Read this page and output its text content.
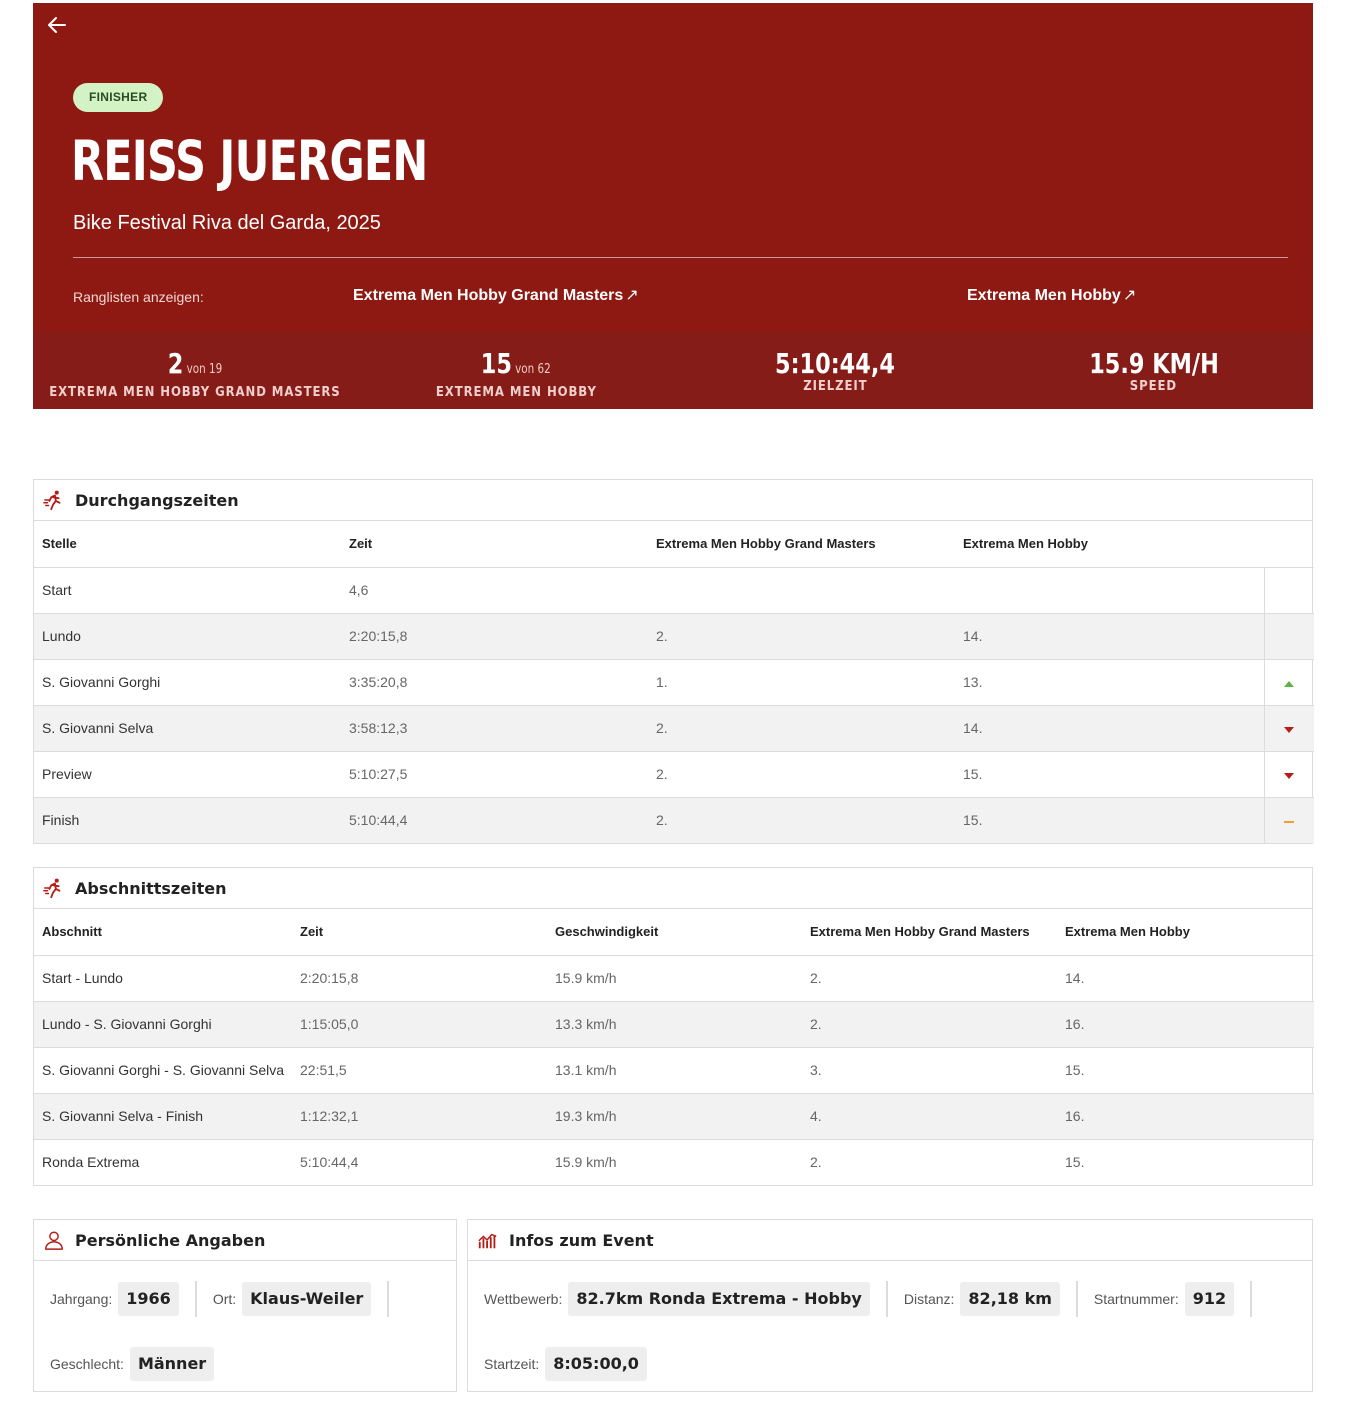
FINISHER
REISS JUERGEN
Bike Festival Riva del Garda, 2025
Ranglisten anzeigen:	Extrema Men Hobby Grand Masters ↗	Extrema Men Hobby ↗
2 von 19
EXTREMA MEN HOBBY GRAND MASTERS
15 von 62
EXTREMA MEN HOBBY
5:10:44,4
ZIELZEIT
15.9 KM/H
SPEED
Durchgangszeiten
Stelle	Zeit	Extrema Men Hobby Grand Masters	Extrema Men Hobby	
Start	4,6			
Lundo	2:20:15,8	2.	14.	
S. Giovanni Gorghi	3:35:20,8	1.	13.	
S. Giovanni Selva	3:58:12,3	2.	14.	
Preview	5:10:27,5	2.	15.	
Finish	5:10:44,4	2.	15.	
Abschnittszeiten
Abschnitt	Zeit	Geschwindigkeit	Extrema Men Hobby Grand Masters	Extrema Men Hobby
Start - Lundo	2:20:15,8	15.9 km/h	2.	14.
Lundo - S. Giovanni Gorghi	1:15:05,0	13.3 km/h	2.	16.
S. Giovanni Gorghi - S. Giovanni Selva	22:51,5	13.1 km/h	3.	15.
S. Giovanni Selva - Finish	1:12:32,1	19.3 km/h	4.	16.
Ronda Extrema	5:10:44,4	15.9 km/h	2.	15.
Persönliche Angaben
Jahrgang: 1966	Ort: Klaus-Weiler
Geschlecht: Männer
Infos zum Event
Wettbewerb: 82.7km Ronda Extrema - Hobby	Distanz: 82,18 km	Startnummer: 912
Startzeit: 8:05:00,0
